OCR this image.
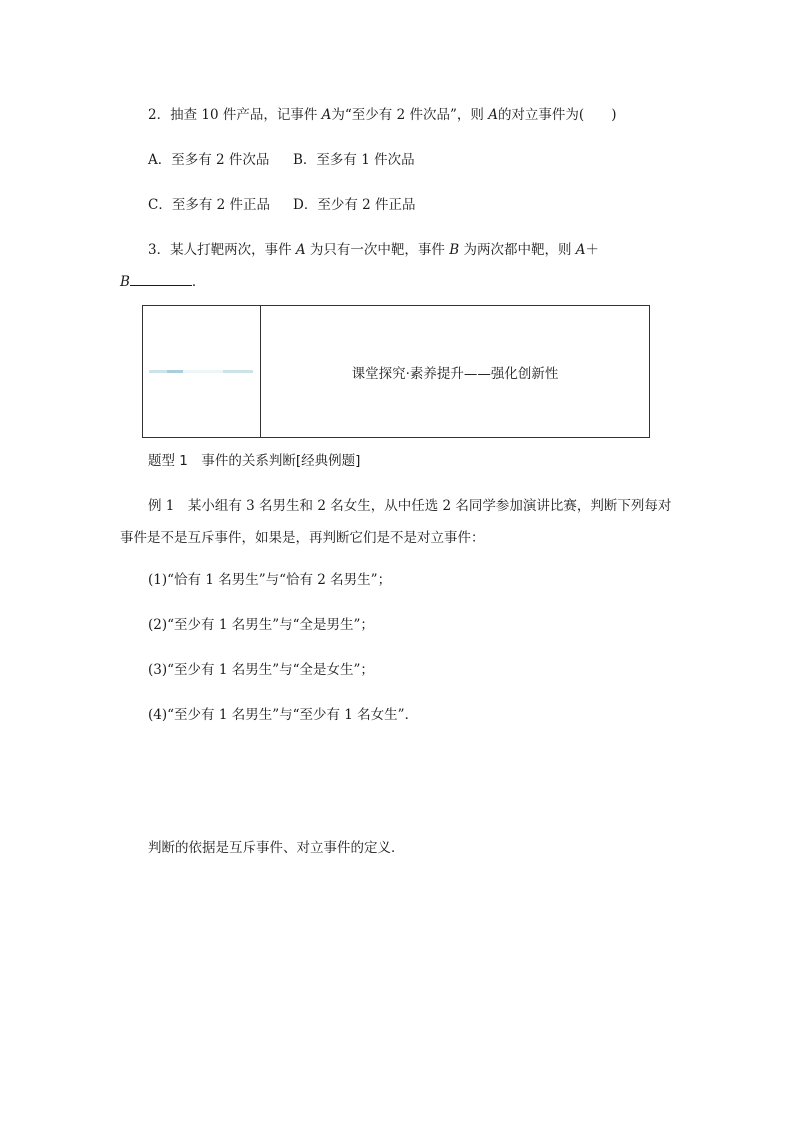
2．抽查 10 件产品，记事件 A为“至少有 2 件次品”，则 A的对立事件为(　　)
A．至多有 2 件次品 B．至多有 1 件次品
C．至多有 2 件正品 D．至少有 2 件正品
3．某人打靶两次，事件 A 为只有一次中靶，事件 B 为两次都中靶，则 A＋
B	．
课堂探究·素养提升——强化创新性
题型 1　事件的关系判断[经典例题]
例 1　某小组有 3 名男生和 2 名女生，从中任选 2 名同学参加演讲比赛，判断下列每对
事件是不是互斥事件，如果是，再判断它们是不是对立事件：
(1)“恰有 1 名男生”与“恰有 2 名男生”；
(2)“至少有 1 名男生”与“全是男生”；
(3)“至少有 1 名男生”与“全是女生”；
(4)“至少有 1 名男生”与“至少有 1 名女生”．
判断的依据是互斥事件、对立事件的定义．
